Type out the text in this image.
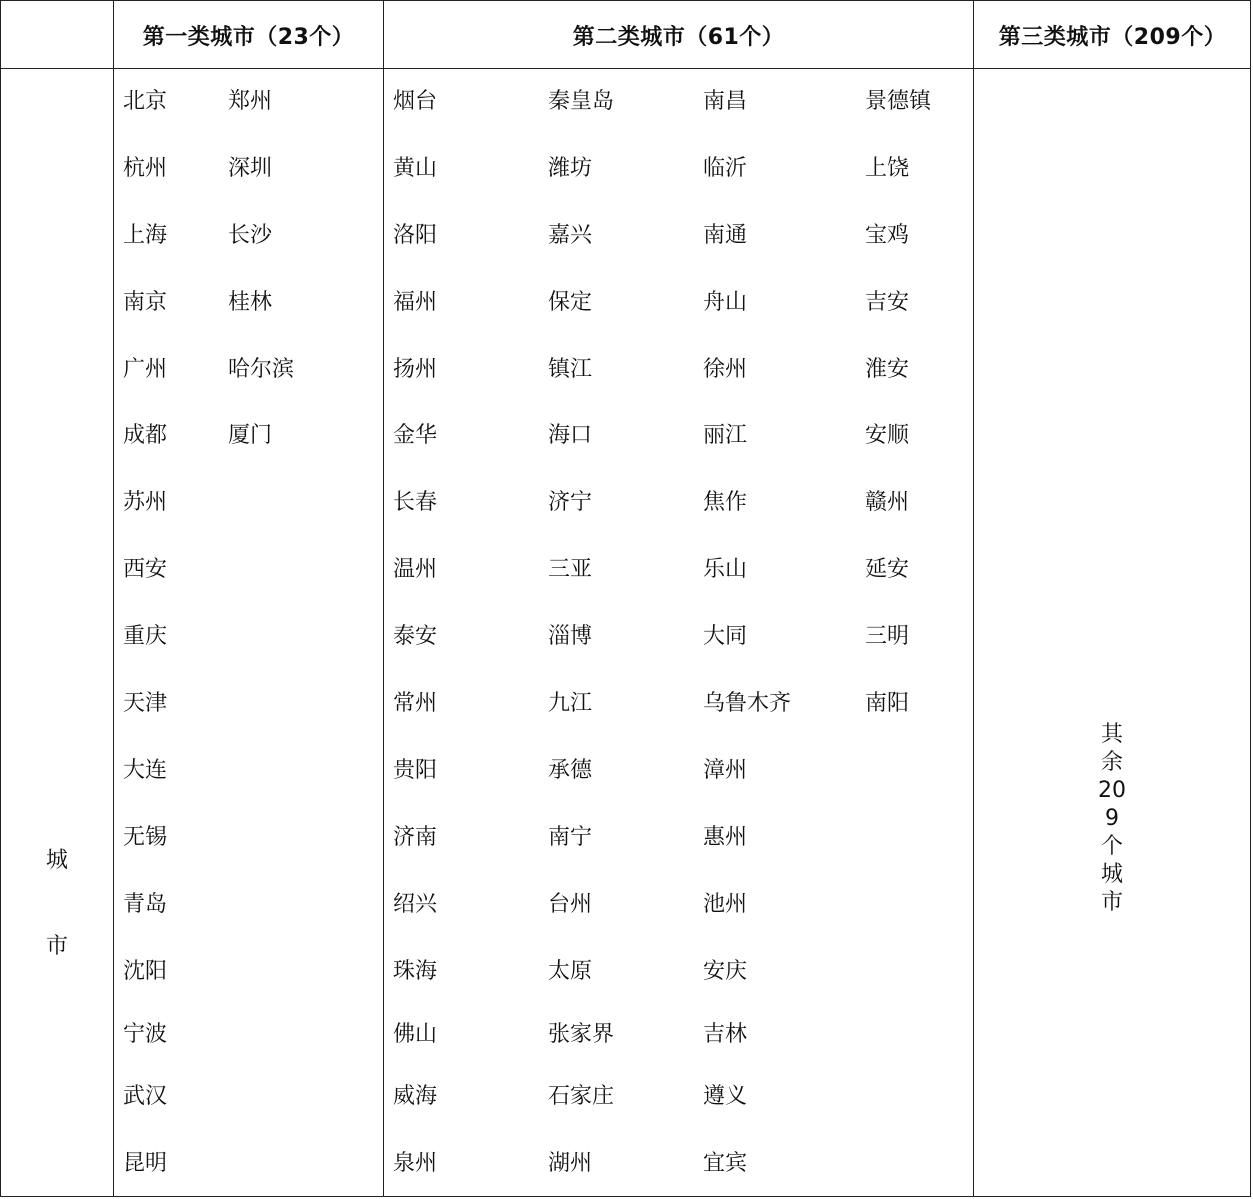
第一类城市（23个）	第二类城市（61个）	第三类城市（209个）
城市
北京
杭州
上海
南京
广州
成都
苏州
西安
重庆
天津
大连
无锡
青岛
沈阳
宁波
武汉
昆明
郑州
深圳
长沙
桂林
哈尔滨
厦门
烟台
黄山
洛阳
福州
扬州
金华
长春
温州
泰安
常州
贵阳
济南
绍兴
珠海
佛山
威海
泉州
秦皇岛
潍坊
嘉兴
保定
镇江
海口
济宁
三亚
淄博
九江
承德
南宁
台州
太原
张家界
石家庄
湖州
南昌
临沂
南通
舟山
徐州
丽江
焦作
乐山
大同
乌鲁木齐
漳州
惠州
池州
安庆
吉林
遵义
宜宾
景德镇
上饶
宝鸡
吉安
淮安
安顺
赣州
延安
三明
南阳
其余209个城市
